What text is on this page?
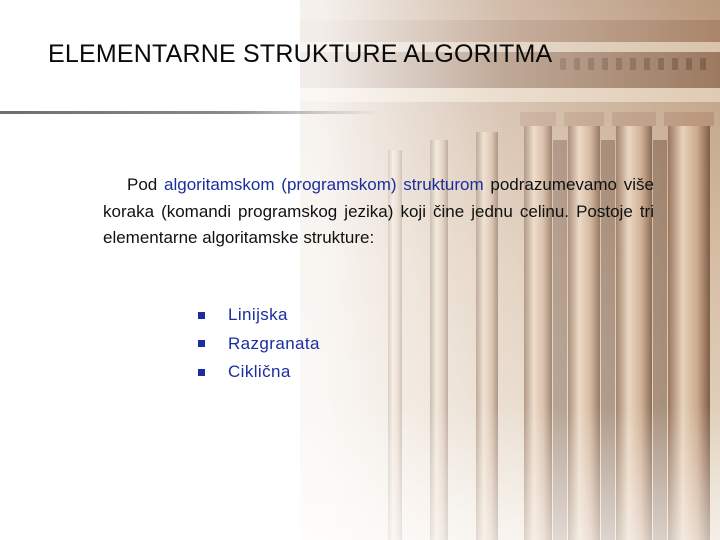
ELEMENTARNE STRUKTURE ALGORITMA
Pod algoritamskom (programskom) strukturom podrazumevamo više koraka (komandi programskog jezika) koji čine jednu celinu. Postoje tri elementarne algoritamske strukture:
Linijska
Razgranata
Ciklična
